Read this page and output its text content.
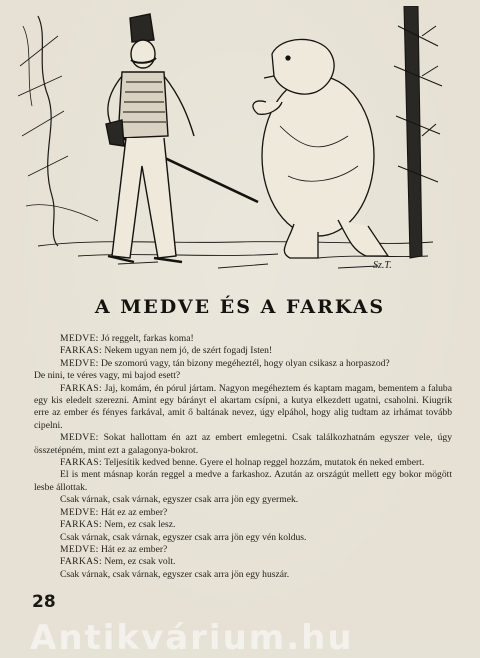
Sz.T.
A MEDVE ÉS A FARKAS

MEDVE: Jó reggelt, farkas koma!

FARKAS: Nekem ugyan nem jó, de szért fogadj Isten!

MEDVE: De szomorú vagy, tán bizony megéheztél, hogy olyan csikasz a horpaszod?

De nini, te véres vagy, mi bajod esett?

FARKAS: Jaj, komám, én pórul jártam. Nagyon megéheztem és kaptam magam, bementem a faluba egy kis eledelt szerezni. Amint egy bárányt el akartam csípni, a kutya elkezdett ugatni, csaholni. Kiugrik erre az ember és fényes farkával, amit ő baltának nevez, úgy elpáhol, hogy alig tudtam az irhámat tovább cipelni.

MEDVE: Sokat hallottam én azt az embert emlegetni. Csak találkozhatnám egyszer vele, úgy összetépném, mint ezt a galagonya-bokrot.

FARKAS: Teljesítik kedved benne. Gyere el holnap reggel hozzám, mutatok én neked embert.

El is ment másnap korán reggel a medve a farkashoz. Azután az országút mellett egy bokor mögött lesbe állottak.

Csak várnak, csak várnak, egyszer csak arra jön egy gyermek.

MEDVE: Hát ez az ember?

FARKAS: Nem, ez csak lesz.

Csak várnak, csak várnak, egyszer csak arra jön egy vén koldus.

MEDVE: Hát ez az ember?

FARKAS: Nem, ez csak volt.

Csak várnak, csak várnak, egyszer csak arra jön egy huszár.

28
Antikvárium.hu
